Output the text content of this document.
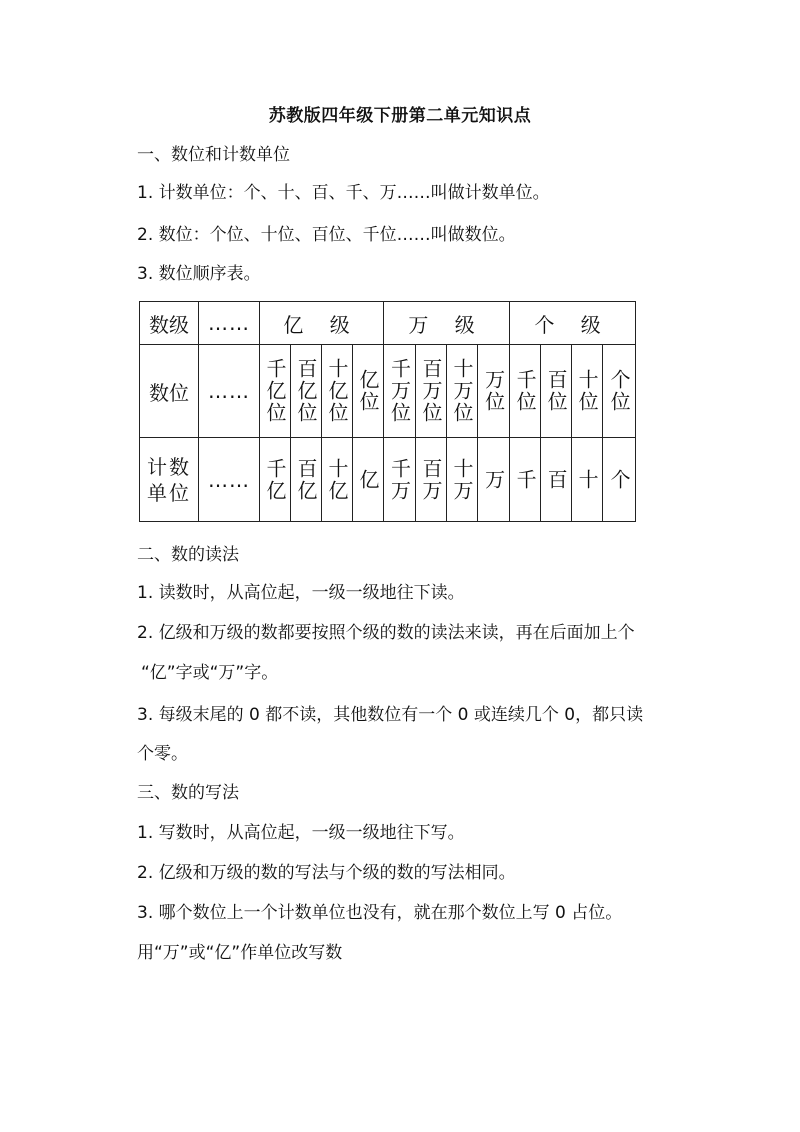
苏教版四年级下册第二单元知识点
一、数位和计数单位
1. 计数单位：个、十、百、千、万……叫做计数单位。
2. 数位：个位、十位、百位、千位……叫做数位。
3. 数位顺序表。
数级	……	亿 级				万 级				个 级			
数位	……	千亿位	百亿位	十亿位	亿位	千万位	百万位	十万位	万位	千位	百位	十位	个位

计数单位	……	千亿	百亿	十亿	亿	千万	百万	十万	万	千	百	十	个
二、数的读法
1. 读数时，从高位起，一级一级地往下读。
2. 亿级和万级的数都要按照个级的数的读法来读，再在后面加上个
“亿”字或“万”字。
3. 每级末尾的 0 都不读，其他数位有一个 0 或连续几个 0，都只读
个零。
三、数的写法
1. 写数时，从高位起，一级一级地往下写。
2. 亿级和万级的数的写法与个级的数的写法相同。
3. 哪个数位上一个计数单位也没有，就在那个数位上写 0 占位。
用“万”或“亿”作单位改写数
